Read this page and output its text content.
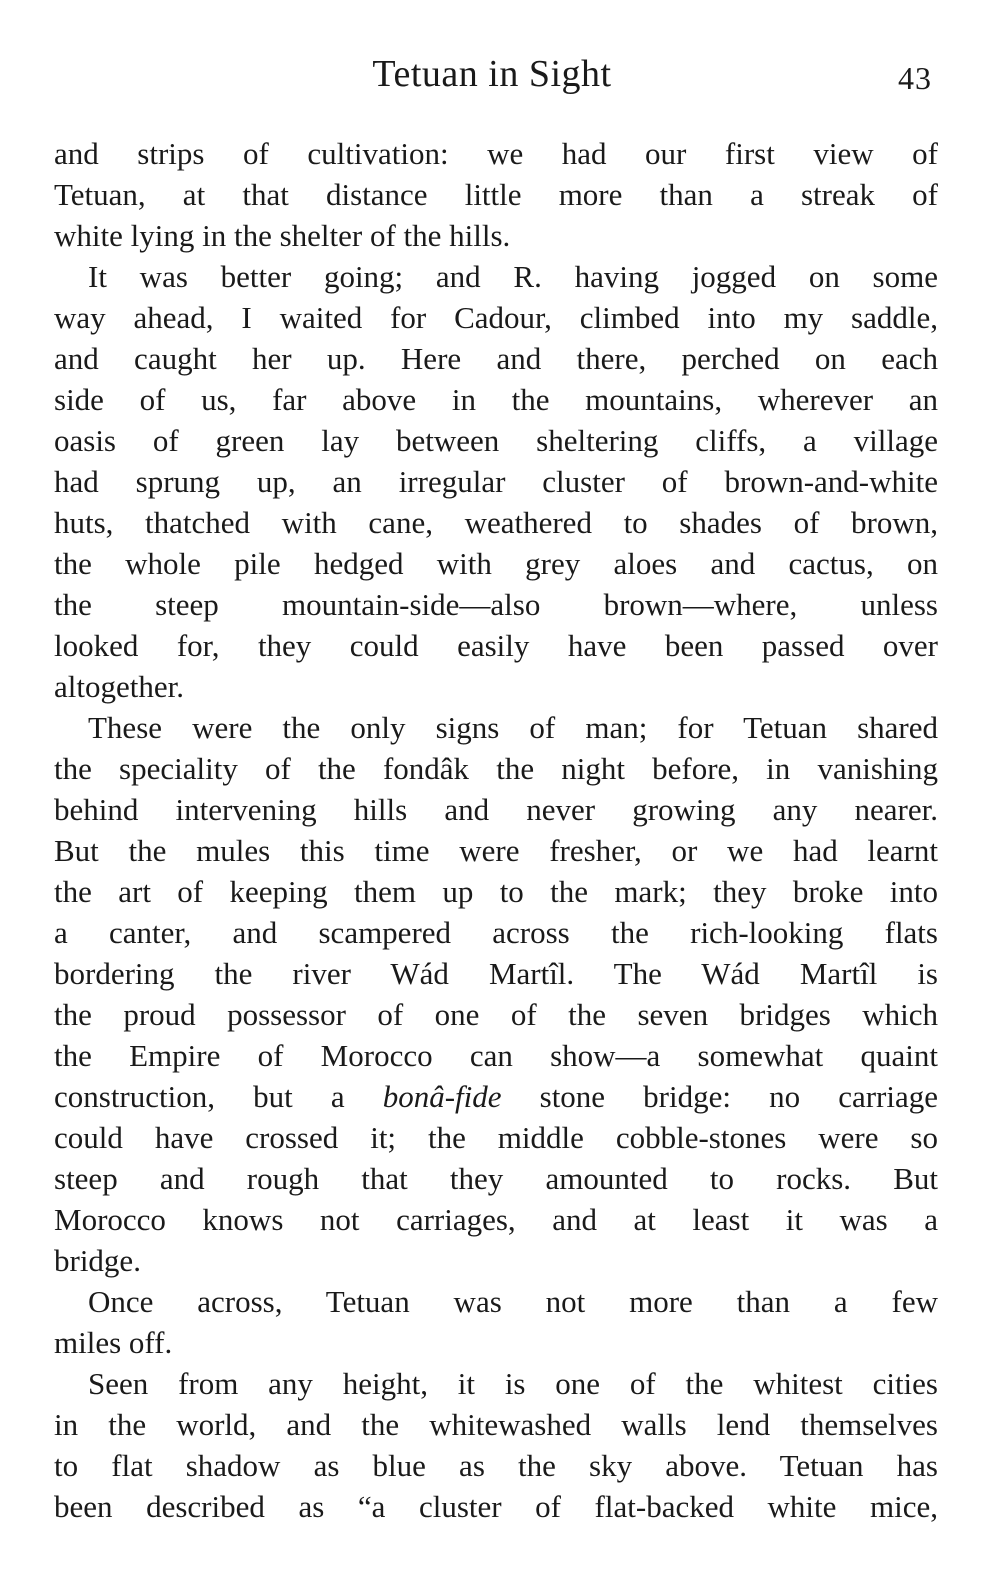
Tetuan in Sight	43
and strips of cultivation: we had our first view of
Tetuan, at that distance little more than a streak of
white lying in the shelter of the hills.
It was better going; and R. having jogged on some
way ahead, I waited for Cadour, climbed into my saddle,
and caught her up. Here and there, perched on each
side of us, far above in the mountains, wherever an
oasis of green lay between sheltering cliffs, a village
had sprung up, an irregular cluster of brown-and-white
huts, thatched with cane, weathered to shades of brown,
the whole pile hedged with grey aloes and cactus, on
the steep mountain-side—also brown—where, unless
looked for, they could easily have been passed over
altogether.
These were the only signs of man; for Tetuan shared
the speciality of the fondâk the night before, in vanishing
behind intervening hills and never growing any nearer.
But the mules this time were fresher, or we had learnt
the art of keeping them up to the mark; they broke into
a canter, and scampered across the rich-looking flats
bordering the river Wád Martîl. The Wád Martîl is
the proud possessor of one of the seven bridges which
the Empire of Morocco can show—a somewhat quaint
construction, but a bonâ-fide stone bridge: no carriage
could have crossed it; the middle cobble-stones were so
steep and rough that they amounted to rocks. But
Morocco knows not carriages, and at least it was a
bridge.
Once across, Tetuan was not more than a few
miles off.
Seen from any height, it is one of the whitest cities
in the world, and the whitewashed walls lend themselves
to flat shadow as blue as the sky above. Tetuan has
been described as “a cluster of flat-backed white mice,
